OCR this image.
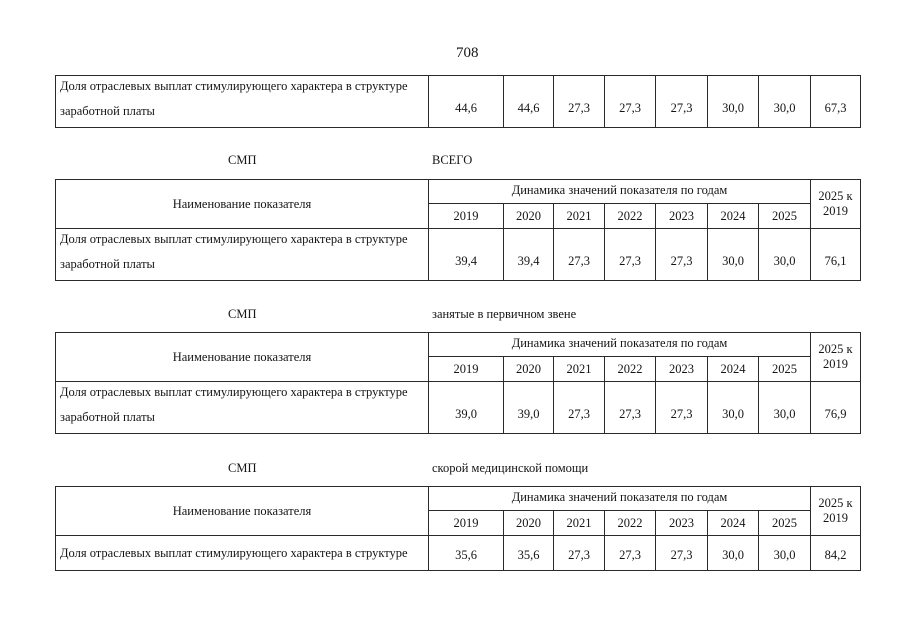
708
Доля отраслевых выплат стимулирующего характера в структуре
заработной платы	44,6	44,6	27,3	27,3	27,3	30,0	30,0	67,3
СМП	ВСЕГО
Наименование показателя	Динамика значений показателя по годам							2025 к 2019
	2019	2020	2021	2022	2023	2024	2025	

Доля отраслевых выплат стимулирующего характера в структуре
заработной платы	39,4	39,4	27,3	27,3	27,3	30,0	30,0	76,1
СМП	занятые в первичном звене
Наименование показателя	Динамика значений показателя по годам							2025 к 2019
	2019	2020	2021	2022	2023	2024	2025	

Доля отраслевых выплат стимулирующего характера в структуре
заработной платы	39,0	39,0	27,3	27,3	27,3	30,0	30,0	76,9
СМП	скорой медицинской помощи
Наименование показателя	Динамика значений показателя по годам							2025 к 2019
	2019	2020	2021	2022	2023	2024	2025	
Доля отраслевых выплат стимулирующего характера в структуре	35,6	35,6	27,3	27,3	27,3	30,0	30,0	84,2
